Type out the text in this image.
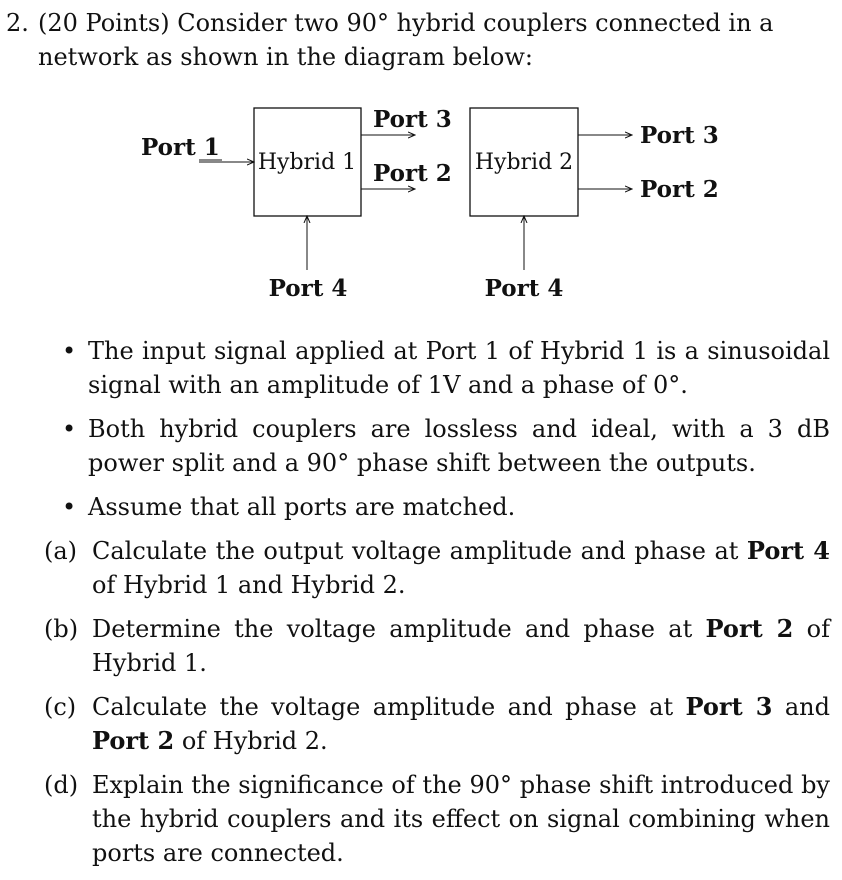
2. (20 Points) Consider two 90° hybrid couplers connected in a network as shown in the diagram below:
Hybrid 1	Hybrid 2
Port 1
Port 3
Port 2
Port 3
Port 2
Port 4	Port 4
• The input signal applied at Port 1 of Hybrid 1 is a sinusoidal signal with an amplitude of 1V and a phase of 0°.
• Both hybrid couplers are lossless and ideal, with a 3 dB power split and a 90° phase shift between the outputs.
• Assume that all ports are matched.
(a) Calculate the output voltage amplitude and phase at Port 4 of Hybrid 1 and Hybrid 2.
(b) Determine the voltage amplitude and phase at Port 2 of Hybrid 1.
(c) Calculate the voltage amplitude and phase at Port 3 and Port 2 of Hybrid 2.
(d) Explain the significance of the 90° phase shift introduced by the hybrid couplers and its effect on signal combining when ports are connected.
